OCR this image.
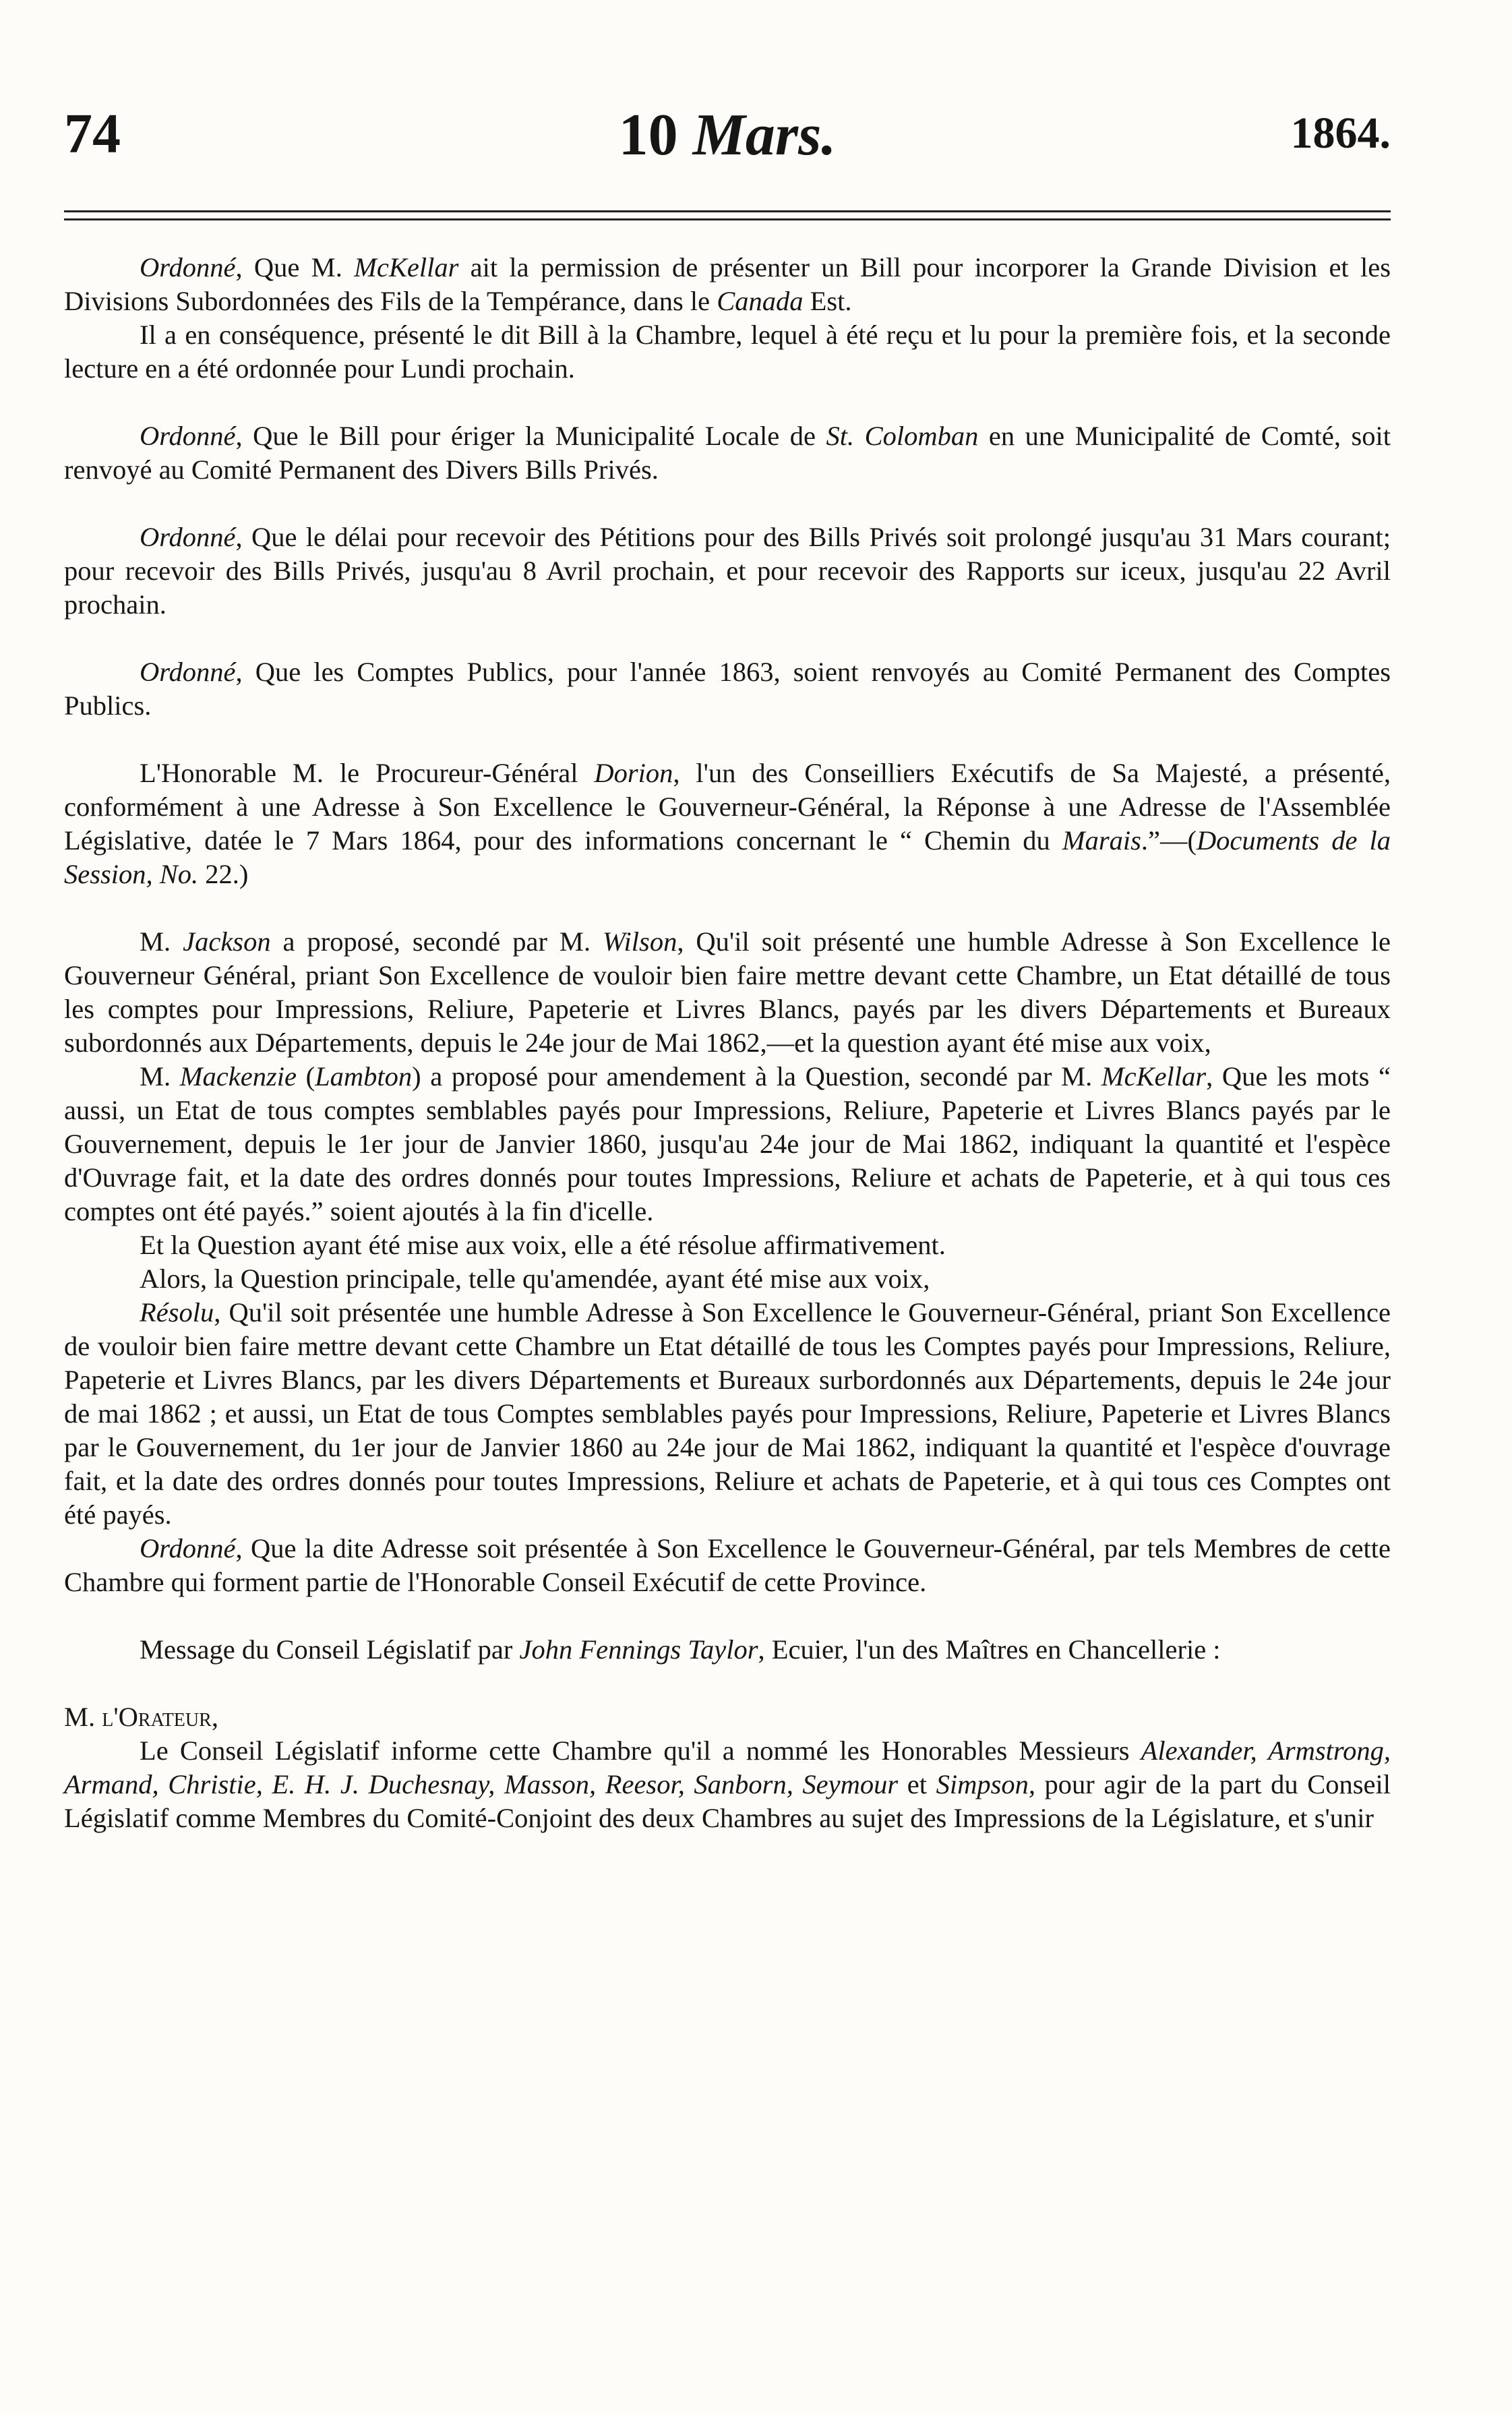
74	10 Mars.	1864.

Ordonné, Que M. McKellar ait la permission de présenter un Bill pour incorporer la Grande Division et les Divisions Subordonnées des Fils de la Tempérance, dans le Canada Est.

Il a en conséquence, présenté le dit Bill à la Chambre, lequel à été reçu et lu pour la première fois, et la seconde lecture en a été ordonnée pour Lundi prochain.

Ordonné, Que le Bill pour ériger la Municipalité Locale de St. Colomban en une Municipalité de Comté, soit renvoyé au Comité Permanent des Divers Bills Privés.

Ordonné, Que le délai pour recevoir des Pétitions pour des Bills Privés soit prolongé jusqu'au 31 Mars courant; pour recevoir des Bills Privés, jusqu'au 8 Avril prochain, et pour recevoir des Rapports sur iceux, jusqu'au 22 Avril prochain.

Ordonné, Que les Comptes Publics, pour l'année 1863, soient renvoyés au Comité Permanent des Comptes Publics.

L'Honorable M. le Procureur-Général Dorion, l'un des Conseilliers Exécutifs de Sa Majesté, a présenté, conformément à une Adresse à Son Excellence le Gouverneur-Général, la Réponse à une Adresse de l'Assemblée Législative, datée le 7 Mars 1864, pour des informations concernant le “ Chemin du Marais.”—(Documents de la Session, No. 22.)

M. Jackson a proposé, secondé par M. Wilson, Qu'il soit présenté une humble Adresse à Son Excellence le Gouverneur Général, priant Son Excellence de vouloir bien faire mettre devant cette Chambre, un Etat détaillé de tous les comptes pour Impressions, Reliure, Papeterie et Livres Blancs, payés par les divers Départements et Bureaux subordonnés aux Départements, depuis le 24e jour de Mai 1862,—et la question ayant été mise aux voix,

M. Mackenzie (Lambton) a proposé pour amendement à la Question, secondé par M. McKellar, Que les mots “ aussi, un Etat de tous comptes semblables payés pour Impressions, Reliure, Papeterie et Livres Blancs payés par le Gouvernement, depuis le 1er jour de Janvier 1860, jusqu'au 24e jour de Mai 1862, indiquant la quantité et l'espèce d'Ouvrage fait, et la date des ordres donnés pour toutes Impressions, Reliure et achats de Papeterie, et à qui tous ces comptes ont été payés.” soient ajoutés à la fin d'icelle.

Et la Question ayant été mise aux voix, elle a été résolue affirmativement.

Alors, la Question principale, telle qu'amendée, ayant été mise aux voix,

Résolu, Qu'il soit présentée une humble Adresse à Son Excellence le Gouverneur-Général, priant Son Excellence de vouloir bien faire mettre devant cette Chambre un Etat détaillé de tous les Comptes payés pour Impressions, Reliure, Papeterie et Livres Blancs, par les divers Départements et Bureaux surbordonnés aux Départements, depuis le 24e jour de mai 1862 ; et aussi, un Etat de tous Comptes semblables payés pour Impressions, Reliure, Papeterie et Livres Blancs par le Gouvernement, du 1er jour de Janvier 1860 au 24e jour de Mai 1862, indiquant la quantité et l'espèce d'ouvrage fait, et la date des ordres donnés pour toutes Impressions, Reliure et achats de Papeterie, et à qui tous ces Comptes ont été payés.

Ordonné, Que la dite Adresse soit présentée à Son Excellence le Gouverneur-Général, par tels Membres de cette Chambre qui forment partie de l'Honorable Conseil Exécutif de cette Province.

Message du Conseil Législatif par John Fennings Taylor, Ecuier, l'un des Maîtres en Chancellerie :

M. l'Orateur,

Le Conseil Législatif informe cette Chambre qu'il a nommé les Honorables Messieurs Alexander, Armstrong, Armand, Christie, E. H. J. Duchesnay, Masson, Reesor, Sanborn, Seymour et Simpson, pour agir de la part du Conseil Législatif comme Membres du Comité-Conjoint des deux Chambres au sujet des Impressions de la Législature, et s'unir
